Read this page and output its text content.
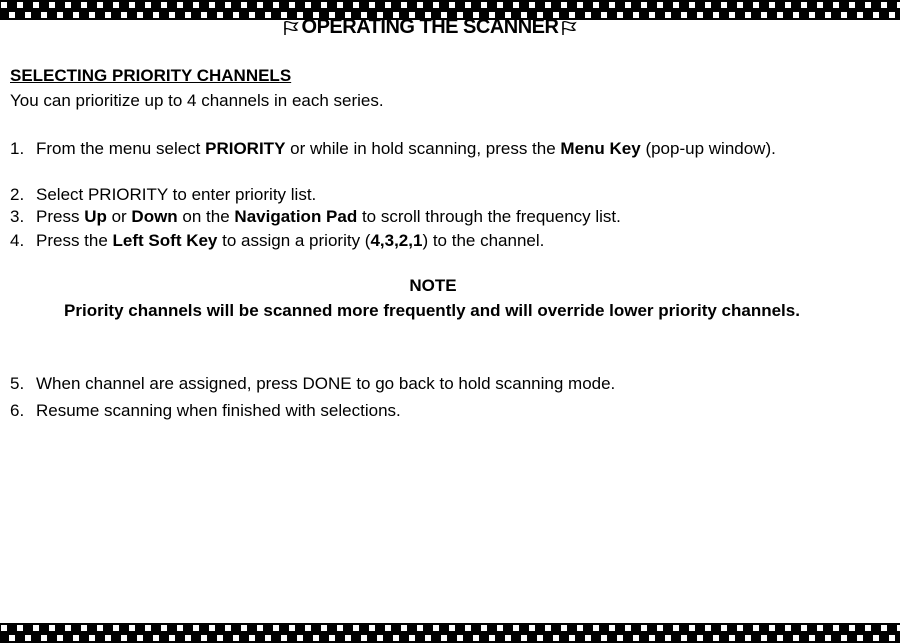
OPERATING THE SCANNER
SELECTING PRIORITY CHANNELS
You can prioritize up to 4 channels in each series.
1. From the menu select PRIORITY or while in hold scanning, press the Menu Key (pop-up window).
2. Select PRIORITY to enter priority list.
3. Press Up or Down on the Navigation Pad to scroll through the frequency list.
4. Press the Left Soft Key to assign a priority (4,3,2,1) to the channel.
NOTE
Priority channels will be scanned more frequently and will override lower priority channels.
5. When channel are assigned, press DONE to go back to hold scanning mode.
6. Resume scanning when finished with selections.
